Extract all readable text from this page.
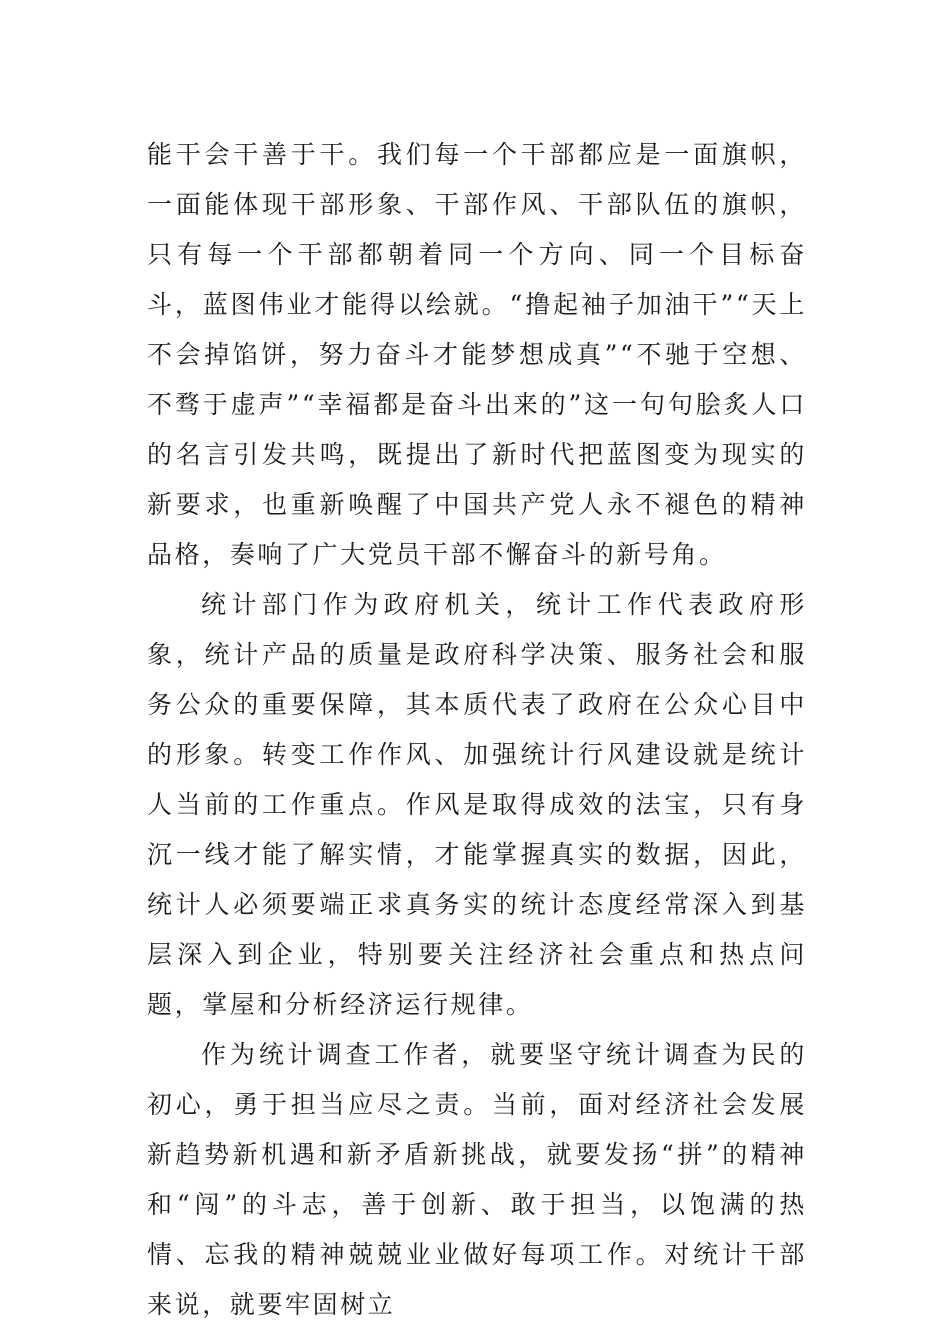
能干会干善于干。我们每一个干部都应是一面旗帜，一面能体现干部形象、干部作风、干部队伍的旗帜，只有每一个干部都朝着同一个方向、同一个目标奋斗，蓝图伟业才能得以绘就。“撸起袖子加油干”“天上不会掉馅饼，努力奋斗才能梦想成真”“不驰于空想、不骛于虚声”“幸福都是奋斗出来的”这一句句脍炙人口的名言引发共鸣，既提出了新时代把蓝图变为现实的新要求，也重新唤醒了中国共产党人永不褪色的精神品格，奏响了广大党员干部不懈奋斗的新号角。

统计部门作为政府机关，统计工作代表政府形象，统计产品的质量是政府科学决策、服务社会和服务公众的重要保障，其本质代表了政府在公众心目中的形象。转变工作作风、加强统计行风建设就是统计人当前的工作重点。作风是取得成效的法宝，只有身沉一线才能了解实情，才能掌握真实的数据，因此，统计人必须要端正求真务实的统计态度经常深入到基层深入到企业，特别要关注经济社会重点和热点问题，掌屋和分析经济运行规律。

作为统计调查工作者，就要坚守统计调查为民的初心，勇于担当应尽之责。当前，面对经济社会发展新趋势新机遇和新矛盾新挑战，就要发扬“拼”的精神和“闯”的斗志，善于创新、敢于担当，以饱满的热情、忘我的精神兢兢业业做好每项工作。对统计干部来说，就要牢固树立
